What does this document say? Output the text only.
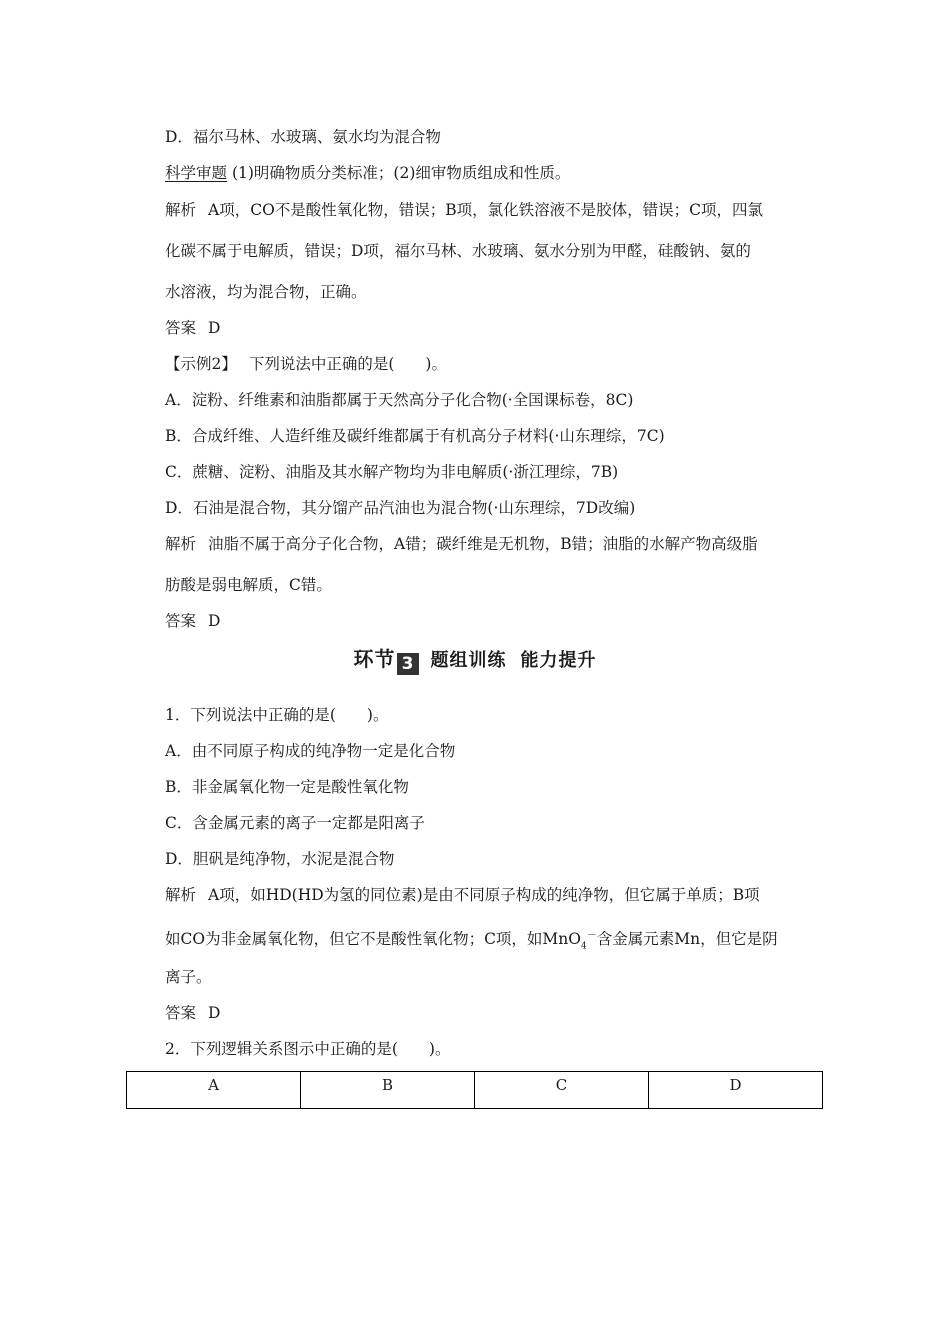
D．福尔马林、水玻璃、氨水均为混合物
科学审题 (1)明确物质分类标准；(2)细审物质组成和性质。
解析 A项，CO不是酸性氧化物，错误；B项，氯化铁溶液不是胶体，错误；C项，四氯
化碳不属于电解质，错误；D项，福尔马林、水玻璃、氨水分别为甲醛，硅酸钠、氨的
水溶液，均为混合物，正确。
答案 D
【示例2】 下列说法中正确的是(　　)。
A．淀粉、纤维素和油脂都属于天然高分子化合物(·全国课标卷，8C)
B．合成纤维、人造纤维及碳纤维都属于有机高分子材料(·山东理综，7C)
C．蔗糖、淀粉、油脂及其水解产物均为非电解质(·浙江理综，7B)
D．石油是混合物，其分馏产品汽油也为混合物(·山东理综，7D改编)
解析 油脂不属于高分子化合物，A错；碳纤维是无机物，B错；油脂的水解产物高级脂
肪酸是弱电解质，C错。
答案 D
环节 3 题组训练 能力提升
1．下列说法中正确的是(　　)。
A．由不同原子构成的纯净物一定是化合物
B．非金属氧化物一定是酸性氧化物
C．含金属元素的离子一定都是阳离子
D．胆矾是纯净物，水泥是混合物
解析 A项，如HD(HD为氢的同位素)是由不同原子构成的纯净物，但它属于单质；B项
如CO为非金属氧化物，但它不是酸性氧化物；C项，如MnO$_4$－含金属元素Mn，但它是阴
离子。
答案 D
2．下列逻辑关系图示中正确的是(　　)。
A	B	C	D
